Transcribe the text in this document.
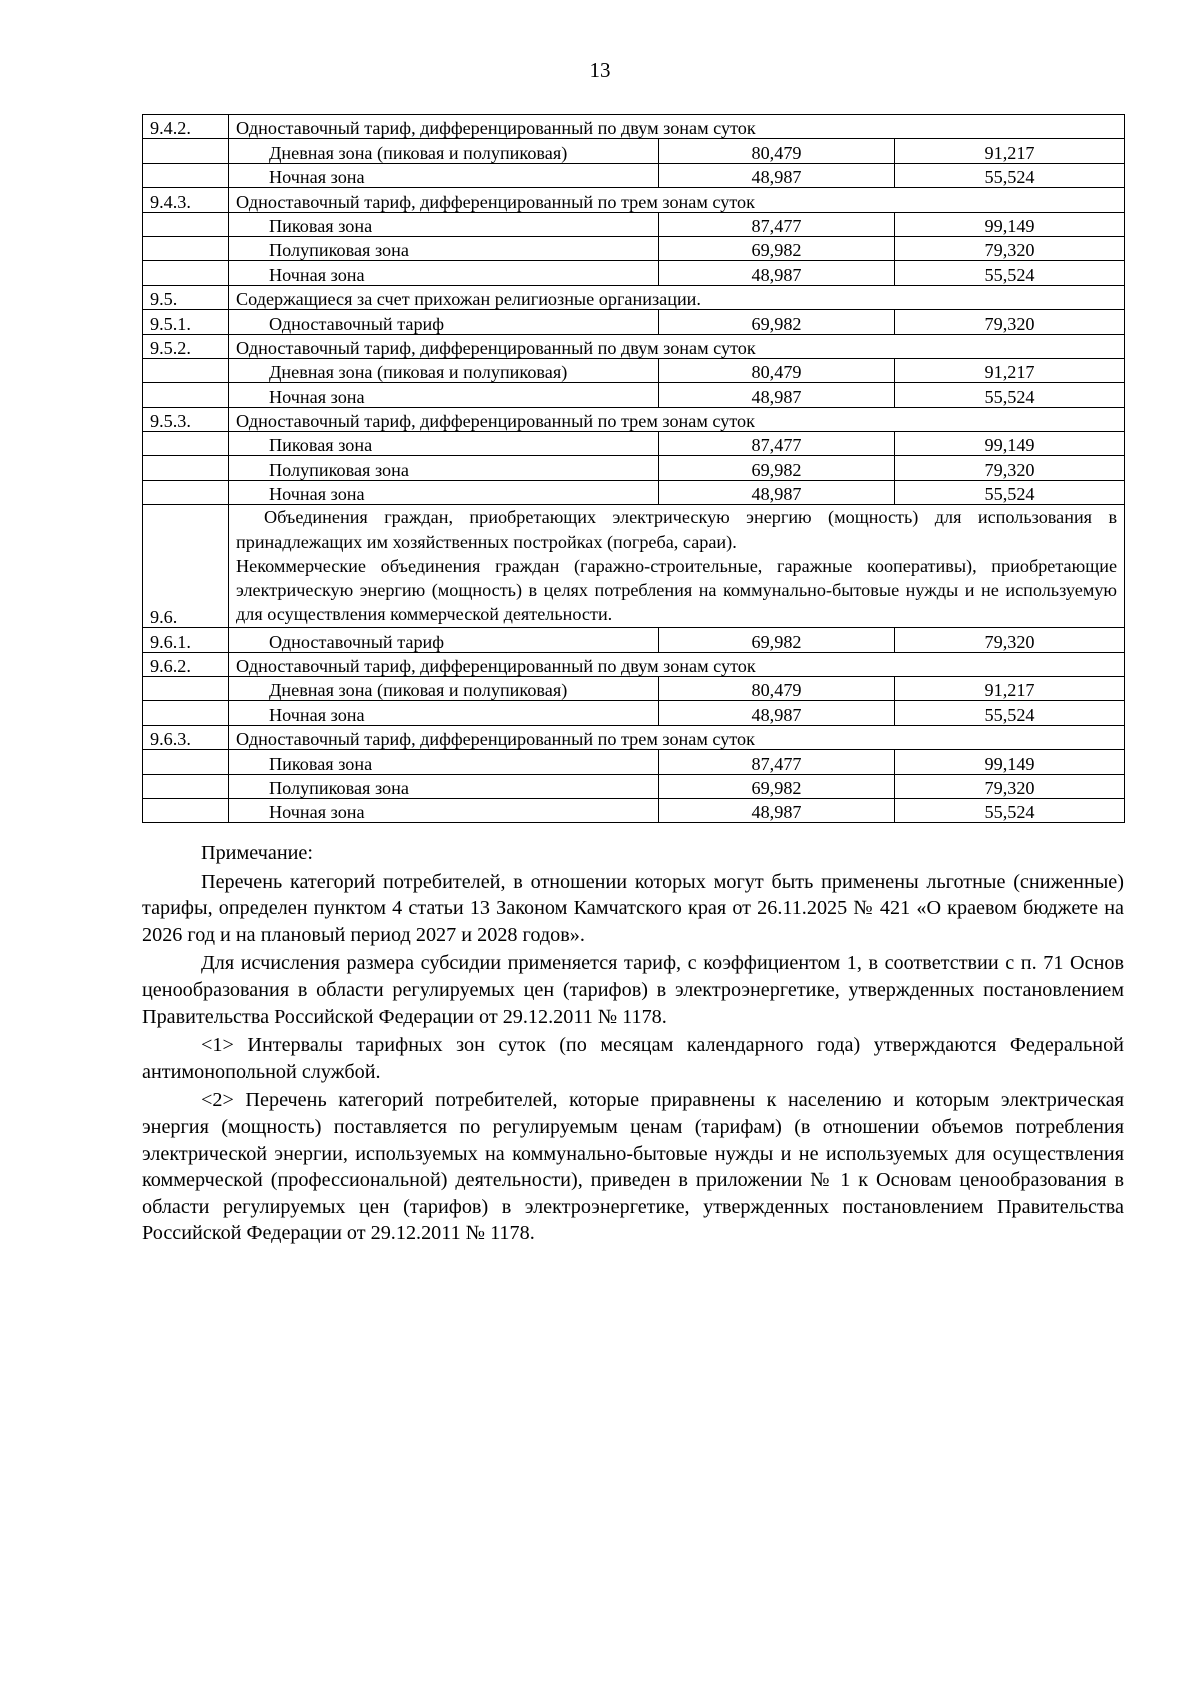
13
9.4.2.	Одноставочный тариф, дифференцированный по двум зонам суток		
	Дневная зона (пиковая и полупиковая)	80,479	91,217
	Ночная зона	48,987	55,524
9.4.3.	Одноставочный тариф, дифференцированный по трем зонам суток		
	Пиковая зона	87,477	99,149
	Полупиковая зона	69,982	79,320
	Ночная зона	48,987	55,524
9.5.	Содержащиеся за счет прихожан религиозные организации.		
9.5.1.	Одноставочный тариф	69,982	79,320
9.5.2.	Одноставочный тариф, дифференцированный по двум зонам суток		
	Дневная зона (пиковая и полупиковая)	80,479	91,217
	Ночная зона	48,987	55,524
9.5.3.	Одноставочный тариф, дифференцированный по трем зонам суток		
	Пиковая зона	87,477	99,149
	Полупиковая зона	69,982	79,320
	Ночная зона	48,987	55,524
9.6.	Объединения граждан, приобретающих электрическую энергию (мощность) для использования в принадлежащих им хозяйственных постройках (погреба, сараи).

Некоммерческие объединения граждан (гаражно-строительные, гаражные кооперативы), приобретающие электрическую энергию (мощность) в целях потребления на коммунально-бытовые нужды и не используемую для осуществления коммерческой деятельности.		

9.6.1.	Одноставочный тариф	69,982	79,320
9.6.2.	Одноставочный тариф, дифференцированный по двум зонам суток		
	Дневная зона (пиковая и полупиковая)	80,479	91,217
	Ночная зона	48,987	55,524
9.6.3.	Одноставочный тариф, дифференцированный по трем зонам суток		
	Пиковая зона	87,477	99,149
	Полупиковая зона	69,982	79,320
	Ночная зона	48,987	55,524

Примечание:

Перечень категорий потребителей, в отношении которых могут быть применены льготные (сниженные) тарифы, определен пунктом 4 статьи 13 Законом Камчатского края от 26.11.2025 № 421 «О краевом бюджете на 2026 год и на плановый период 2027 и 2028 годов».

Для исчисления размера субсидии применяется тариф, с коэффициентом 1, в соответствии с п. 71 Основ ценообразования в области регулируемых цен (тарифов) в электроэнергетике, утвержденных постановлением Правительства Российской Федерации от 29.12.2011 № 1178.

<1> Интервалы тарифных зон суток (по месяцам календарного года) утверждаются Федеральной антимонопольной службой.

<2> Перечень категорий потребителей, которые приравнены к населению и которым электрическая энергия (мощность) поставляется по регулируемым ценам (тарифам) (в отношении объемов потребления электрической энергии, используемых на коммунально-бытовые нужды и не используемых для осуществления коммерческой (профессиональной) деятельности), приведен в приложении № 1 к Основам ценообразования в области регулируемых цен (тарифов) в электроэнергетике, утвержденных постановлением Правительства Российской Федерации от 29.12.2011 № 1178.
